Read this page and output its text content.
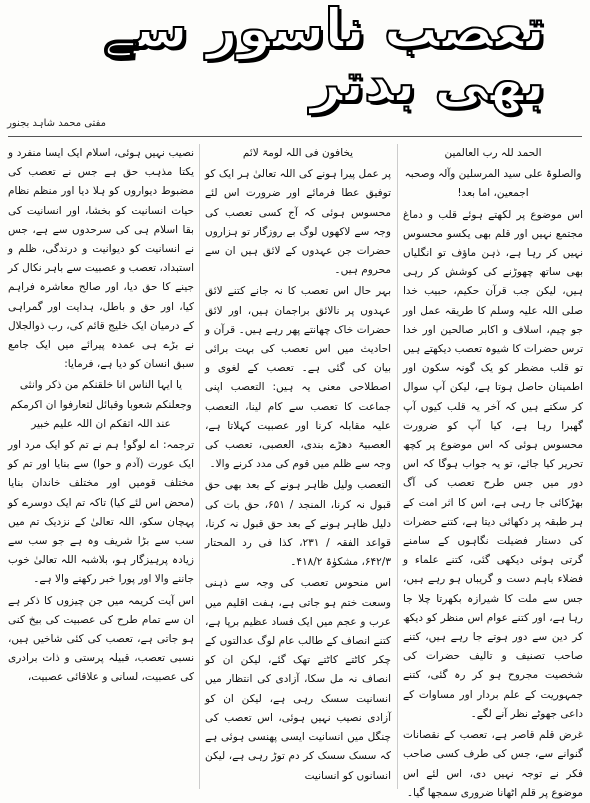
تعصب ناسور سے بھی بدتر
مفتی محمد شاہد بجنور

الحمد للہ رب العالمین

والصلوۃ علی سید المرسلین وآلہ وصحبہ اجمعین، اما بعد!

اس موضوع پر لکھتے ہوئے قلب و دماغ مجتمع نہیں اور قلم بھی یکسو محسوس نہیں کر رہا ہے، ذہن ماؤف تو انگلیاں بھی ساتھ چھوڑنے کی کوشش کر رہی ہیں، لیکن جب قرآن حکیم، حبیب خدا صلی اللہ علیہ وسلم کا طریقہ عمل اور جو چیم، اسلاف و اکابر صالحین اور خدا ترس حضرات کا شیوہ تعصب دیکھتے ہیں تو قلب مضطر کو یک گونہ سکون اور اطمینان حاصل ہوتا ہے، لیکن آپ سوال کر سکتے ہیں کہ آخر یہ قلب کیوں آپ گھبرا رہا ہے، کیا آپ کو ضرورت محسوس ہوئی کہ اس موضوع پر کچھ تحریر کیا جائے، تو یہ جواب ہوگا کہ اس دور میں جس طرح تعصب کی آگ بھڑکائی جا رہی ہے، اس کا اثر امت کے ہر طبقہ پر دکھائی دیتا ہے، کتنے حضرات کی دستار فضیلت نگاہوں کے سامنے گرتی ہوئی دیکھی گئی، کتنے علماء و فضلاء باہم دست و گریباں ہو رہے ہیں، جس سے ملت کا شیرازہ بکھرتا چلا جا رہا ہے، اور کتنے عوام اس منظر کو دیکھ کر دین سے دور ہوتے جا رہے ہیں، کتنے صاحب تصنیف و تالیف حضرات کی شخصیت مجروح ہو کر رہ گئی، کتنے جمہوریت کے علم بردار اور مساوات کے داعی جھوٹے نظر آنے لگے۔

غرض قلم قاصر ہے، تعصب کے نقصانات گنوانے سے، جس کی طرف کسی صاحب فکر نے توجہ نہیں دی، اس لئے اس موضوع پر قلم اٹھانا ضروری سمجھا گیا۔

یخافون فی اللہ لومۃ لائم

پر عمل پیرا ہونے کی اللہ تعالیٰ ہر ایک کو توفیق عطا فرمائے اور ضرورت اس لئے محسوس ہوئی کہ آج کسی تعصب کی وجہ سے لاکھوں لوگ بے روزگار تو ہزاروں حضرات جن عہدوں کے لائق ہیں ان سے محروم ہیں۔

بہر حال اس تعصب کا نہ جانے کتنے لائق عہدوں پر نالائق براجمان ہیں، اور لائق حضرات خاک چھانتے پھر رہے ہیں۔ قرآن و احادیث میں اس تعصب کی بہت برائی بیان کی گئی ہے۔ تعصب کے لغوی و اصطلاحی معنی یہ ہیں: التعصب اپنی جماعت کا تعصب سے کام لینا، التعصب علیہ مقابلہ کرنا اور عصبیت کہلاتا ہے، العصبیۃ دھڑے بندی، العصبی، تعصب کی وجہ سے ظلم میں قوم کی مدد کرنے والا۔

التعصب ولیل ظاہر ہونے کے بعد بھی حق قبول نہ کرنا، المنجد / ۶۵۱، حق بات کی دلیل ظاہر ہونے کے بعد حق قبول نہ کرنا، قواعد الفقہ / ۲۳۱، کذا فی رد المحتار ۶۴۲/۳، مشکوٰۃ ۴۱۸/۲۔

اس منحوس تعصب کی وجہ سے ذہنی وسعت ختم ہو جاتی ہے، ہفت اقلیم میں عرب و عجم میں ایک فساد عظیم برپا ہے، کتنے انصاف کے طالب عام لوگ عدالتوں کے چکر کاٹتے کاٹتے تھک گئے، لیکن ان کو انصاف نہ مل سکا، آزادی کی انتظار میں انسانیت سسک رہی ہے، لیکن ان کو آزادی نصیب نہیں ہوئی، اس تعصب کی چنگل میں انسانیت ایسی پھنسی ہوئی ہے کہ سسک سسک کر دم توڑ رہی ہے، لیکن انسانوں کو انسانیت

نصیب نہیں ہوئی، اسلام ایک ایسا منفرد و یکتا مذہب حق ہے جس نے تعصب کی مضبوط دیواروں کو ہلا دیا اور منظم نظام حیات انسانیت کو بخشا، اور انسانیت کی بقا اسلام ہی کی سرحدوں سے ہے، جس نے انسانیت کو دیوانیت و درندگی، ظلم و استبداد، تعصب و عصبیت سے باہر نکال کر جینے کا حق دیا، اور صالح معاشرہ فراہم کیا، اور حق و باطل، ہدایت اور گمراہی کے درمیان ایک خلیج قائم کی، رب ذوالجلال نے بڑے ہی عمدہ پیرائے میں ایک جامع سبق انسان کو دیا ہے، فرمایا:

یا ایہا الناس انا خلقنکم من ذکر وانثی وجعلنکم شعوبا وقبائل لتعارفوا ان اکرمکم عند اللہ اتقکم ان اللہ علیم خبیر

ترجمہ: اے لوگو! ہم نے تم کو ایک مرد اور ایک عورت (آدم و حوا) سے بنایا اور تم کو مختلف قومیں اور مختلف خاندان بنایا (محض اس لئے کیا) تاکہ تم ایک دوسرے کو پہچان سکو، اللہ تعالیٰ کے نزدیک تم میں سب سے بڑا شریف وہ ہے جو سب سے زیادہ پرہیزگار ہو، بلاشبہ اللہ تعالیٰ خوب جاننے والا اور پورا خبر رکھنے والا ہے۔

اس آیت کریمہ میں جن چیزوں کا ذکر ہے ان سے تمام طرح کی عصبیت کی بیخ کنی ہو جاتی ہے، تعصب کی کئی شاخیں ہیں، نسبی تعصب، قبیلہ پرستی و ذات برادری کی عصبیت، لسانی و علاقائی عصبیت،
